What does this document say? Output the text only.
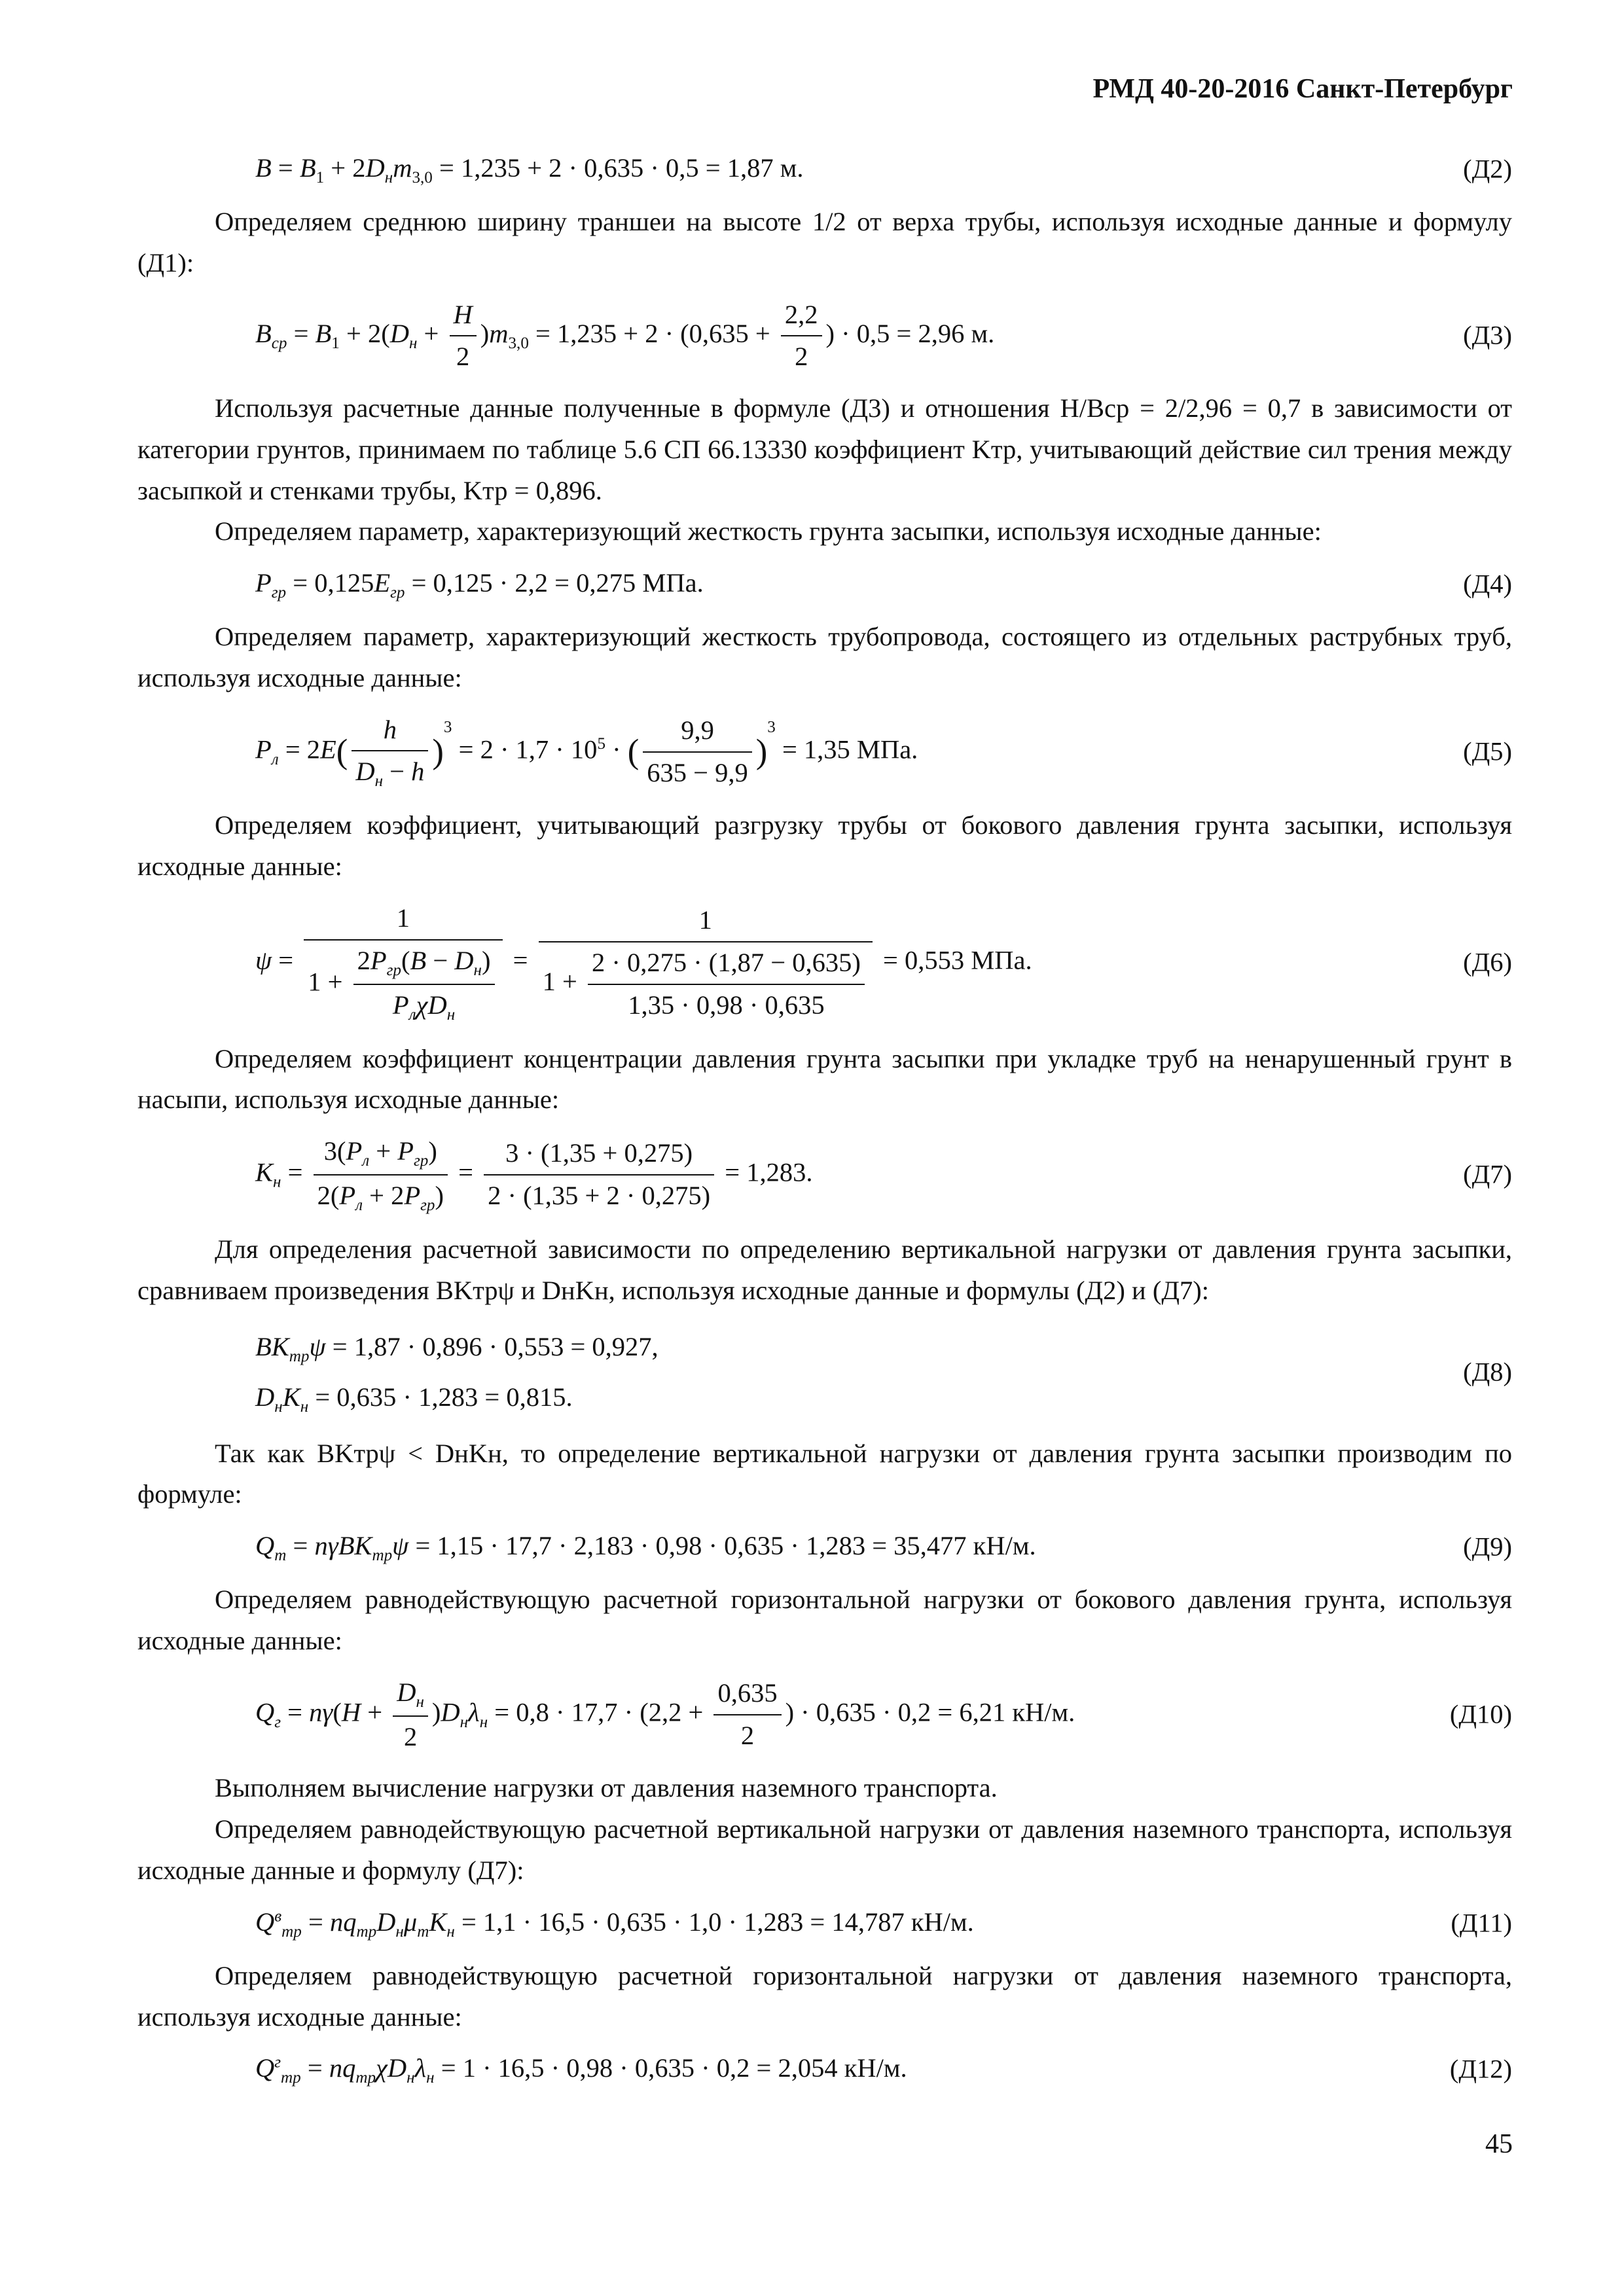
РМД 40-20-2016 Санкт-Петербург
$B = B_1 + 2D_нm_{3,0} = 1,235 + 2 \cdot 0,635 \cdot 0,5 = 1,87$ м.	(Д2)

Определяем среднюю ширину траншеи на высоте 1/2 от верха трубы, используя исходные данные и формулу (Д1):

$B_{ср} = B_1 + 2(D_н + \frac{H}{2} )m_{3,0} = 1,235 + 2 \cdot (0,635 + \frac{2,2}{2}$ ) · 0,5 = 2,96 м.	(Д3)

Используя расчетные данные полученные в формуле (Д3) и отношения H/Bср = 2/2,96 = 0,7 в зависимости от категории грунтов, принимаем по таблице 5.6 СП 66.13330 коэффициент Kтр, учитывающий действие сил трения между засыпкой и стенками трубы, Kтр = 0,896.

Определяем параметр, характеризующий жесткость грунта засыпки, используя исходные данные:

$P_{гр} = 0,125E_{гр} = 0,125 \cdot 2,2 = 0,275$ МПа.	(Д4)

Определяем параметр, характеризующий жесткость трубопровода, состоящего из отдельных раструбных труб, используя исходные данные:

$P_л = 2E( \frac{h}{D_н - h} )^3 = 2 \cdot 1,7 \cdot 10^5$ · ( $\frac{9,9}{635 - 9,9} )^3 = 1,35$ МПа.	(Д5)

Определяем коэффициент, учитывающий разгрузку трубы от бокового давления грунта засыпки, используя исходные данные:

$\psi = \frac{1}{1 + \frac{2P_{гр}(B - D_н)}{P_л\chi D_н}} = \frac{1}{1 + \frac{2 \cdot 0,275 \cdot (1,87 - 0,635)}{1,35 \cdot 0,98 \cdot 0,635}} = 0,553$ МПа.	(Д6)

Определяем коэффициент концентрации давления грунта засыпки при укладке труб на ненарушенный грунт в насыпи, используя исходные данные:

$K_н = \frac{3(P_л + P_{гр})}{2(P_л + 2P_{гр})} = \frac{3 \cdot (1,35 + 0,275)}{2 \cdot (1,35 + 2 \cdot 0,275)} = 1,283$.	(Д7)

Для определения расчетной зависимости по определению вертикальной нагрузки от давления грунта засыпки, сравниваем произведения BKтрψ и DнKн, используя исходные данные и формулы (Д2) и (Д7):

$BK_{тр}\psi = 1,87 \cdot 0,896 \cdot 0,553 = 0,927$,
$D_нK_н = 0,635 \cdot 1,283 = 0,815$.
(Д8)

Так как BKтрψ < DнKн, то определение вертикальной нагрузки от давления грунта засыпки производим по формуле:

$Q_т = n\gamma BK_{тр}\psi = 1,15 \cdot 17,7 \cdot 2,183 \cdot 0,98 \cdot 0,635 \cdot 1,283 = 35,477$ кН/м.	(Д9)

Определяем равнодействующую расчетной горизонтальной нагрузки от бокового давления грунта, используя исходные данные:

$Q_г = n\gamma(H + \frac{D_н}{2} )D_н\lambda_н = 0,8 \cdot 17,7 \cdot (2,2 + \frac{0,635}{2}$ ) · 0,635 · 0,2 = 6,21 кН/м.	(Д10)

Выполняем вычисление нагрузки от давления наземного транспорта.

Определяем равнодействующую расчетной вертикальной нагрузки от давления наземного транспорта, используя исходные данные и формулу (Д7):

$Q^в_{тр} = nq_{тр}D_н\mu_тK_н = 1,1 \cdot 16,5 \cdot 0,635 \cdot 1,0 \cdot 1,283 = 14,787$ кН/м.	(Д11)

Определяем равнодействующую расчетной горизонтальной нагрузки от давления наземного транспорта, используя исходные данные:

$Q^г_{тр} = nq_{тр}\chi D_н\lambda_н = 1 \cdot 16,5 \cdot 0,98 \cdot 0,635 \cdot 0,2 = 2,054$ кН/м.	(Д12)
45
